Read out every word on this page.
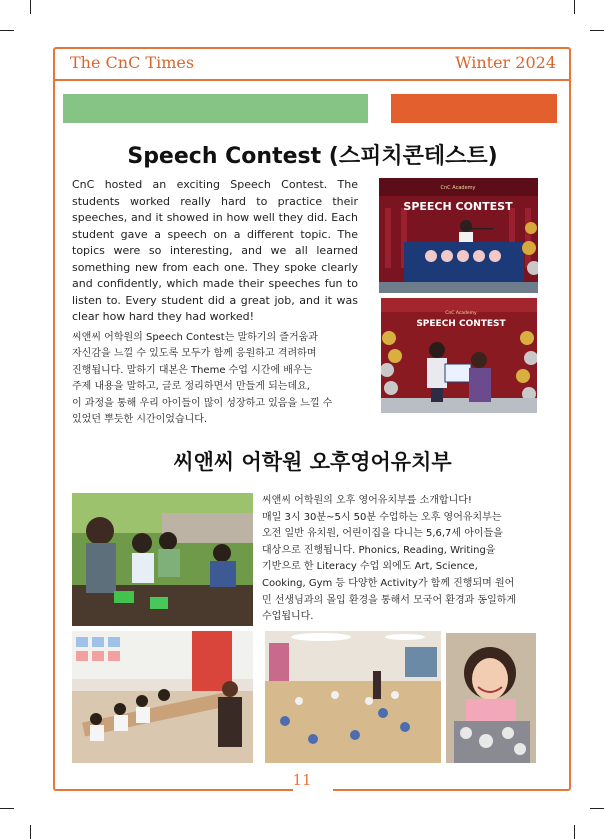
The CnC Times	Winter 2024
Speech Contest (스피치콘테스트)

CnC hosted an exciting Speech Contest. The students worked really hard to practice their speeches, and it showed in how well they did. Each student gave a speech on a different topic. The topics were so interesting, and we all learned something new from each one. They spoke clearly and confidently, which made their speeches fun to listen to. Every student did a great job, and it was clear how hard they had worked!

씨앤씨 어학원의 Speech Contest는 말하기의 즐거움과
자신감을 느낄 수 있도록 모두가 함께 응원하고 격려하며
진행됩니다. 말하기 대본은 Theme 수업 시간에 배우는
주제 내용을 말하고, 글로 정리하면서 만들게 되는데요,
이 과정을 통해 우리 아이들이 많이 성장하고 있음을 느낄 수
있었던 뿌듯한 시간이었습니다.
CnC Academy
SPEECH CONTEST
CnC Academy
SPEECH CONTEST
씨앤씨 어학원 오후영어유치부
씨앤씨 어학원의 오후 영어유치부를 소개합니다!
매일 3시 30분~5시 50분 수업하는 오후 영어유치부는
오전 일반 유치원, 어린이집을 다니는 5,6,7세 아이들을
대상으로 진행됩니다. Phonics, Reading, Writing을
기반으로 한 Literacy 수업 외에도 Art, Science,
Cooking, Gym 등 다양한 Activity가 함께 진행되며 원어
민 선생님과의 몰입 환경을 통해서 모국어 환경과 동일하게
수업됩니다.
11
